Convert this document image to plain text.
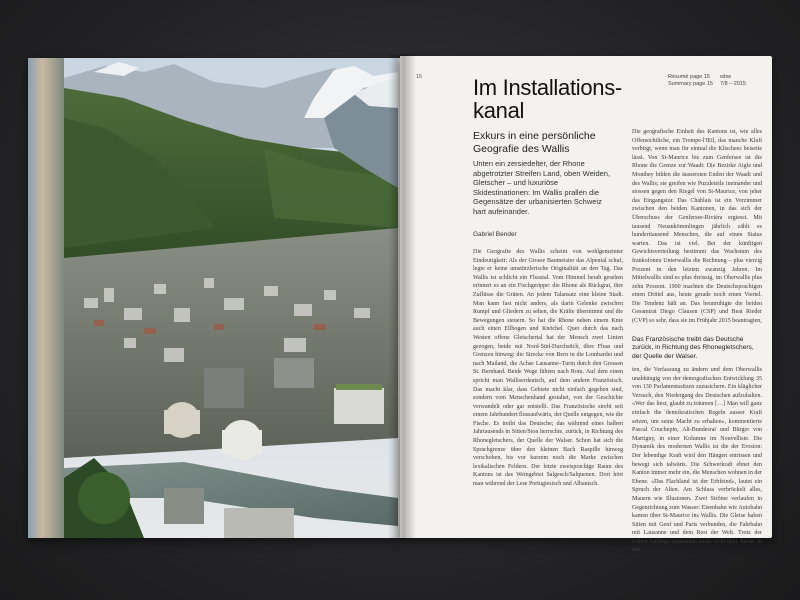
15	Résumé page 15
Summary page 15
wbw
7/8 – 2015
Im Installations-
kanal

Exkurs in eine persönliche Geografie des Wallis

Unten ein zersiedelter, der Rhone abgetrotzter Streifen Land, oben Weiden, Gletscher – und luxuriöse Skidestinationen: Im Wallis prallen die Gegensätze der urbanisierten Schweiz hart aufeinander.

Gabriel Bender

Die Geografie des Wallis scheint von wohlgemeinter Eindeutigkeit: Als der Grosse Baumeister das Alpental schuf, legte er keine umstürzlerische Originalität an den Tag. Das Wallis ist schlicht ein Flusstal. Vom Himmel herab gesehen erinnert es an ein Fischgerippe: die Rhone als Rückgrat, ihre Zuflüsse die Gräten. An jedem Talansatz eine kleine Stadt. Man kann fast nicht anders, als darin Gelenke zwischen Rumpf und Gliedern zu sehen, die Kräfte übernimmt und die Bewegungen steuern. So hat die Rhone neben einem Knie auch einen Ellbogen und Knöchel. Quer durch das nach Westen offene Gletschertal hat der Mensch zwei Linien gezogen, beide mit Nord-Süd-Durchstich, über Fluss und Grenzen hinweg: die Strecke von Bern in die Lombardei und nach Mailand, die Achse Lausanne–Turin durch den Grossen St. Bernhard. Beide Wege führen nach Rom. Auf dem einen spricht man Walliserdeutsch, auf dem andern Französisch. Das macht klar, dass Gebiete nicht einfach gegeben sind, sondern vom Menschenhand gestaltet, von der Geschichte verwandelt oder gar entstellt. Das Französische strebt seit einem Jahrhundert flussaufwärts, der Quelle entgegen, wie die Fische. Es treibt das Deutsche; das während eines halben Jahrtausends in Sitten/Sion herrschte, zurück, in Richtung des Rhonegletschers, der Quelle der Walser. Schon hat sich die Sprachgrenze über den kleinen Bach Raspille hinweg verschoben, bis vor kurzem noch die Marke zwischen lexikalischen Feldern. Der letzte zweisprachige Raum des Kantons ist das Weingebiet Salgesch/Salquenen. Dort hört man während der Lese Portugiesisch und Albanisch.

Die geografische Einheit des Kantons ist, wie alles Offensichtliche, ein Trompe-l'Œil, das manche Kluft verbirgt, wenn man für einmal die Klischees beiseite lässt. Von St-Maurice bis zum Genfersee ist die Rhone die Grenze zur Waadt: Die Bezirke Aigle und Monthey bilden die äussersten Enden der Waadt und des Wallis; sie greifen wie Puzzleteile ineinander und stossen gegen den Riegel von St-Maurice, von jeher das Eingangstor. Das Chablais ist ein Vorzimmer zwischen den beiden Kantonen, in das sich der Überschuss der Genfersee-Rivièra ergiesst. Mit tausend Neuankömmlingen jährlich zählt es hunderttausend Menschen, die auf einen Status warten. Das ist viel. Bei der künftigen Gewichtsverteilung bestimmt das Wachstum des frankofonen Unterwallis die Rechnung – plus vierzig Prozent in den letzten zwanzig Jahren. Im Mittelwallis sind es plus dreissig, im Oberwallis plus zehn Prozent. 1900 machten die Deutschsprachigen einen Drittel aus, heute gerade noch einen Viertel. Die Tendenz hält an. Das beunruhigte die beiden Gesamtrat Diego Clausen (CSP) und Beat Rieder (CVP) so sehr, dass sie im Frühjahr 2015 beantragten,

Das Französische treibt das Deutsche zurück, in Richtung des Rhonegletschers, der Quelle der Walser.

ten, die Verfassung zu ändern und dem Oberwallis unabhängig von der demografischen Entwicklung 35 von 130 Parlamentssitzen zuzusichern. Ein kläglicher Versuch, den Niedergang des Deutschen aufzuhalten. «Wer das liest, glaubt zu träumen […] Man will ganz einfach die demokratischen Regeln ausser Kraft setzen, um seine Macht zu erhalten», kommentierte Pascal Couchepin, Alt-Bundesrat und Bürger von Martigny, in einer Kolumne im Nouvelliste. Die Dynamik des modernen Wallis ist die der Erosion: Der lebendige Kraft wird den Hängen entrissen und bewegt sich talwärts. Die Schwerkraft ebnet den Kanton immer mehr ein, die Menschen wohnen in der Ebene. «Das Flachland ist der Erbfeind», lautet ein Spruch der Alten. Am Schluss verbröckelt alles, Mauern wie Illusionen. Zwei Ströme verlaufen in Gegenrichtung zum Wasser: Eisenbahn wie Autobahn kamen über St-Maurice ins Wallis. Die Gleise haben Sitten mit Genf und Paris verbunden, die Fahrbahn mit Lausanne und dem Rest der Welt. Trotz der frühen Anfänge entstanden beide nicht über Nacht. In den
